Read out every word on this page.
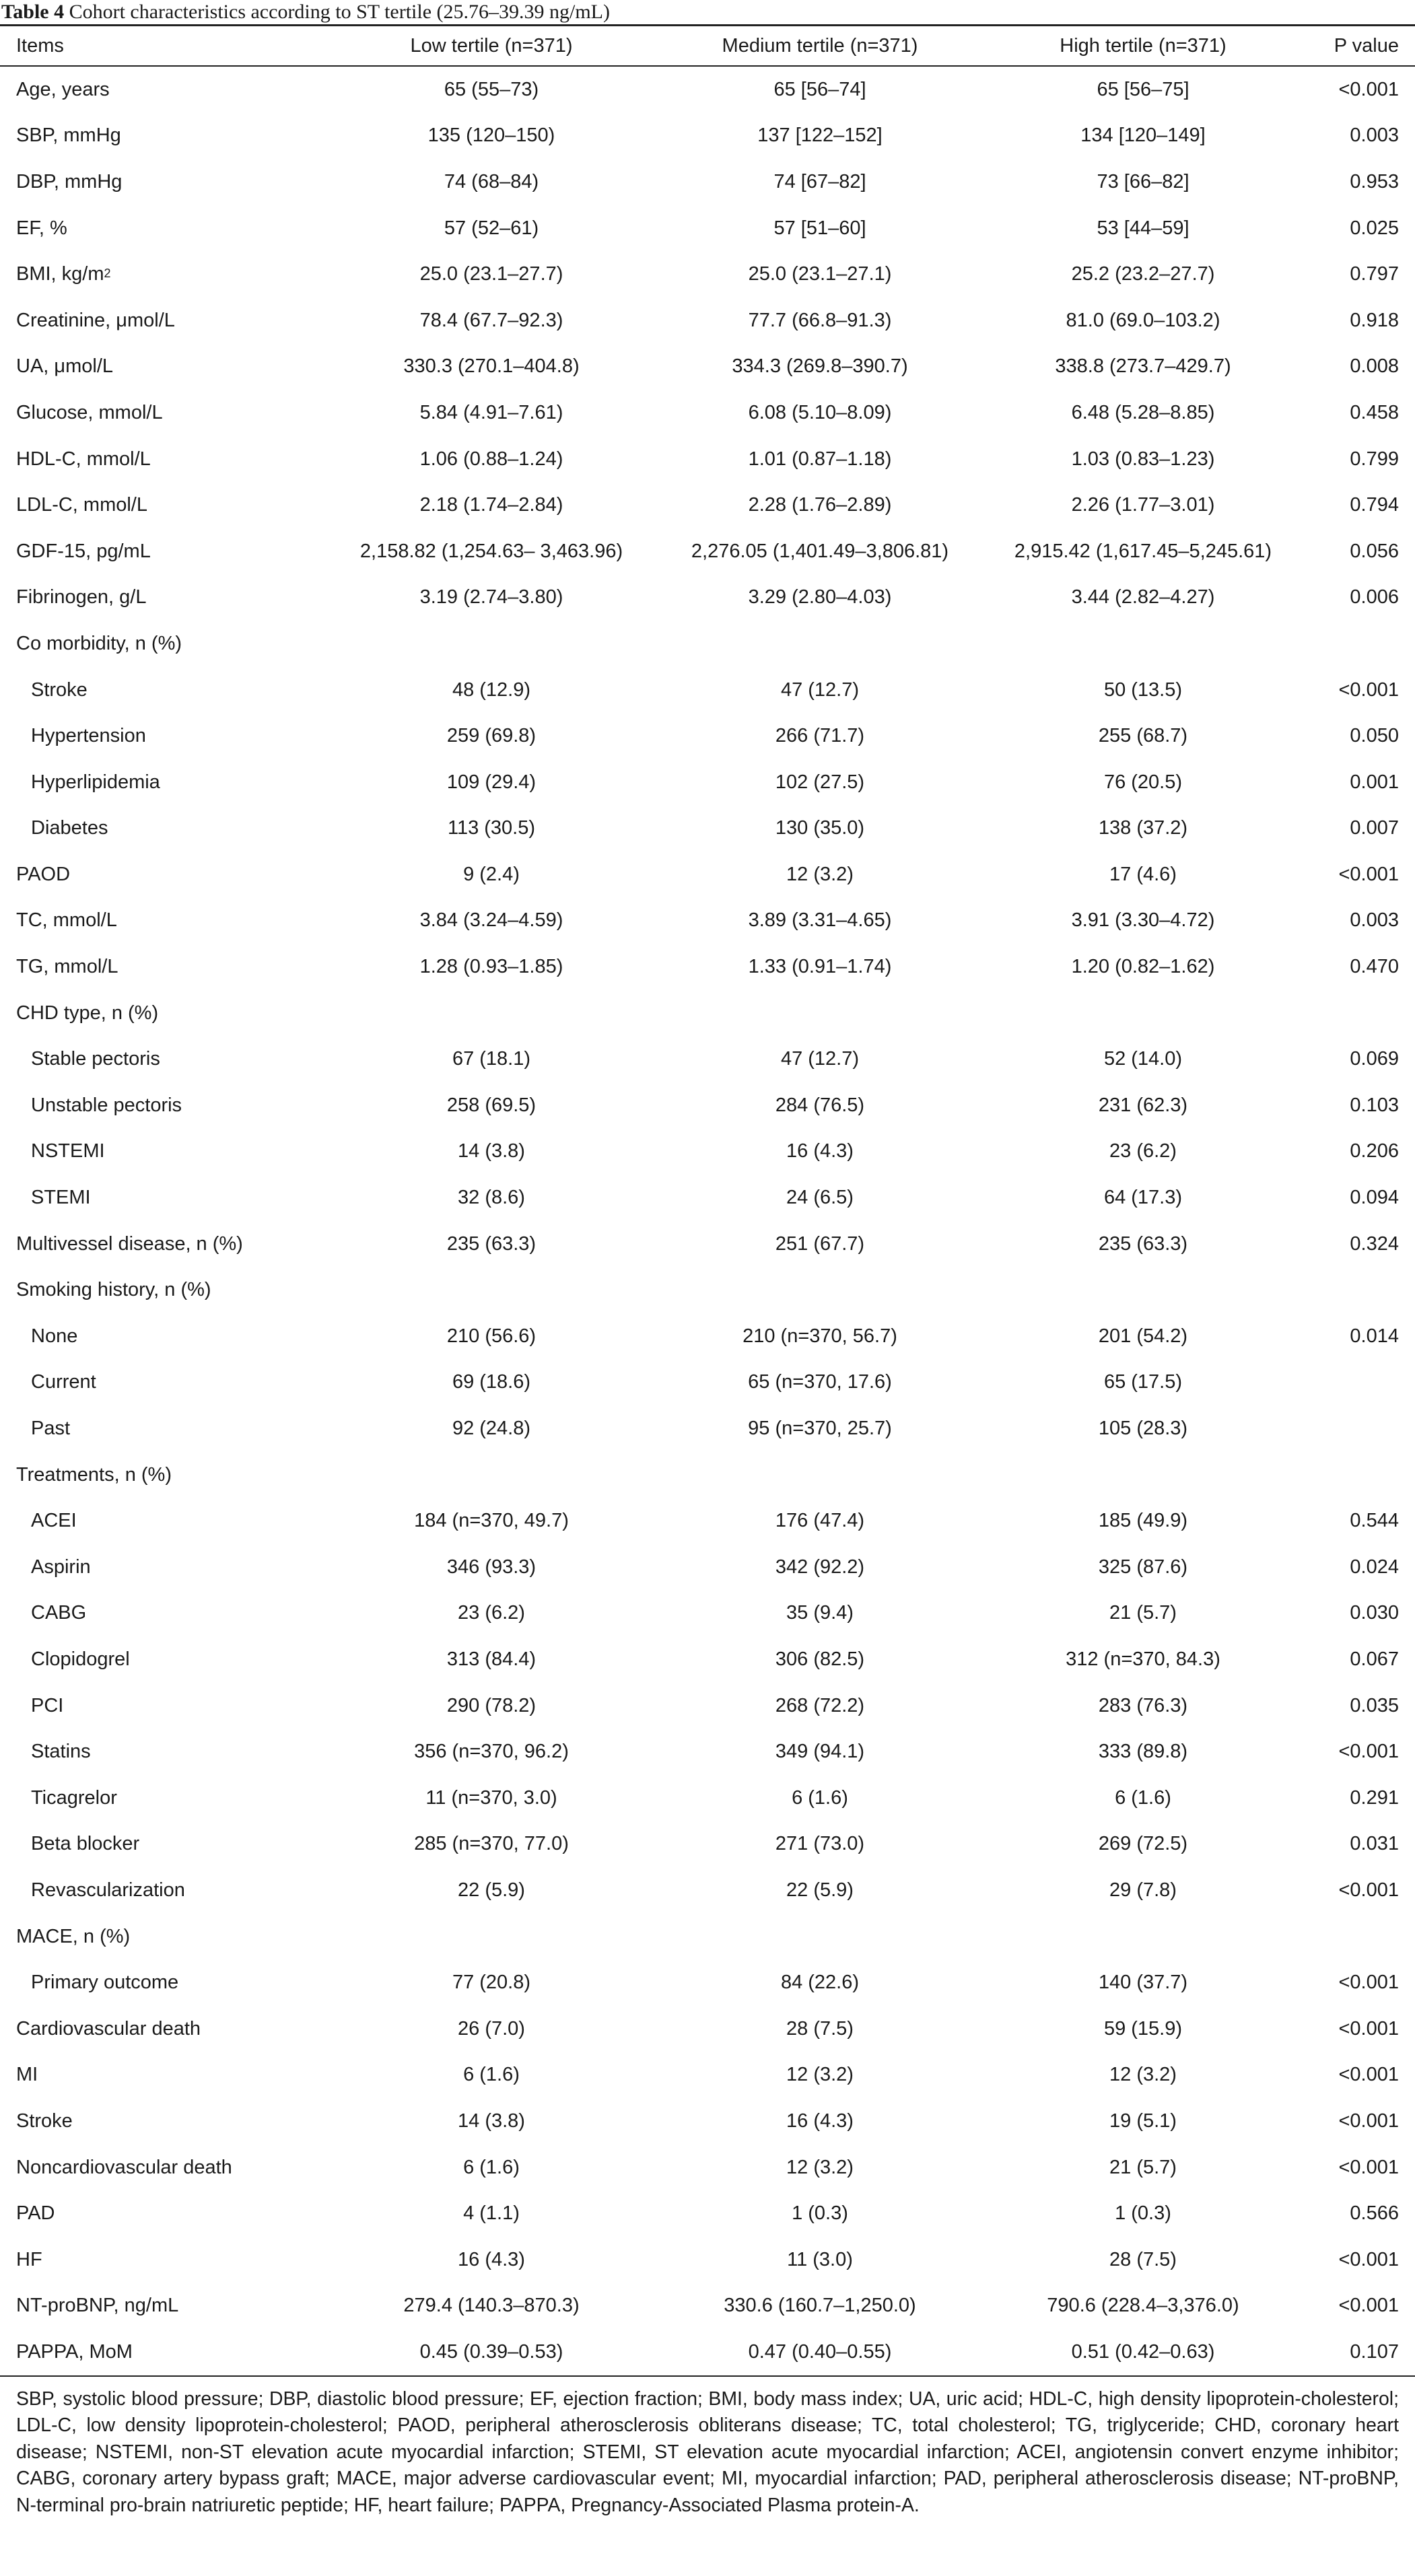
Table 4 Cohort characteristics according to ST tertile (25.76–39.39 ng/mL)
Items	Low tertile (n=371)	Medium tertile (n=371)	High tertile (n=371)	P value
Age, years	65 (55–73)	65 [56–74]	65 [56–75]	<0.001
SBP, mmHg	135 (120–150)	137 [122–152]	134 [120–149]	0.003
DBP, mmHg	74 (68–84)	74 [67–82]	73 [66–82]	0.953
EF, %	57 (52–61)	57 [51–60]	53 [44–59]	0.025
BMI, $kg/m^2$	25.0 (23.1–27.7)	25.0 (23.1–27.1)	25.2 (23.2–27.7)	0.797
Creatinine, μmol/L	78.4 (67.7–92.3)	77.7 (66.8–91.3)	81.0 (69.0–103.2)	0.918
UA, μmol/L	330.3 (270.1–404.8)	334.3 (269.8–390.7)	338.8 (273.7–429.7)	0.008
Glucose, mmol/L	5.84 (4.91–7.61)	6.08 (5.10–8.09)	6.48 (5.28–8.85)	0.458
HDL-C, mmol/L	1.06 (0.88–1.24)	1.01 (0.87–1.18)	1.03 (0.83–1.23)	0.799
LDL-C, mmol/L	2.18 (1.74–2.84)	2.28 (1.76–2.89)	2.26 (1.77–3.01)	0.794
GDF-15, pg/mL	2,158.82 (1,254.63– 3,463.96)	2,276.05 (1,401.49–3,806.81)	2,915.42 (1,617.45–5,245.61)	0.056
Fibrinogen, g/L	3.19 (2.74–3.80)	3.29 (2.80–4.03)	3.44 (2.82–4.27)	0.006
Co morbidity, n (%)
Stroke	48 (12.9)	47 (12.7)	50 (13.5)	<0.001
Hypertension	259 (69.8)	266 (71.7)	255 (68.7)	0.050
Hyperlipidemia	109 (29.4)	102 (27.5)	76 (20.5)	0.001
Diabetes	113 (30.5)	130 (35.0)	138 (37.2)	0.007
PAOD	9 (2.4)	12 (3.2)	17 (4.6)	<0.001
TC, mmol/L	3.84 (3.24–4.59)	3.89 (3.31–4.65)	3.91 (3.30–4.72)	0.003
TG, mmol/L	1.28 (0.93–1.85)	1.33 (0.91–1.74)	1.20 (0.82–1.62)	0.470
CHD type, n (%)
Stable pectoris	67 (18.1)	47 (12.7)	52 (14.0)	0.069
Unstable pectoris	258 (69.5)	284 (76.5)	231 (62.3)	0.103
NSTEMI	14 (3.8)	16 (4.3)	23 (6.2)	0.206
STEMI	32 (8.6)	24 (6.5)	64 (17.3)	0.094
Multivessel disease, n (%)	235 (63.3)	251 (67.7)	235 (63.3)	0.324
Smoking history, n (%)
None	210 (56.6)	210 (n=370, 56.7)	201 (54.2)	0.014
Current	69 (18.6)	65 (n=370, 17.6)	65 (17.5)
Past	92 (24.8)	95 (n=370, 25.7)	105 (28.3)
Treatments, n (%)
ACEI	184 (n=370, 49.7)	176 (47.4)	185 (49.9)	0.544
Aspirin	346 (93.3)	342 (92.2)	325 (87.6)	0.024
CABG	23 (6.2)	35 (9.4)	21 (5.7)	0.030
Clopidogrel	313 (84.4)	306 (82.5)	312 (n=370, 84.3)	0.067
PCI	290 (78.2)	268 (72.2)	283 (76.3)	0.035
Statins	356 (n=370, 96.2)	349 (94.1)	333 (89.8)	<0.001
Ticagrelor	11 (n=370, 3.0)	6 (1.6)	6 (1.6)	0.291
Beta blocker	285 (n=370, 77.0)	271 (73.0)	269 (72.5)	0.031
Revascularization	22 (5.9)	22 (5.9)	29 (7.8)	<0.001
MACE, n (%)
Primary outcome	77 (20.8)	84 (22.6)	140 (37.7)	<0.001
Cardiovascular death	26 (7.0)	28 (7.5)	59 (15.9)	<0.001
MI	6 (1.6)	12 (3.2)	12 (3.2)	<0.001
Stroke	14 (3.8)	16 (4.3)	19 (5.1)	<0.001
Noncardiovascular death	6 (1.6)	12 (3.2)	21 (5.7)	<0.001
PAD	4 (1.1)	1 (0.3)	1 (0.3)	0.566
HF	16 (4.3)	11 (3.0)	28 (7.5)	<0.001
NT-proBNP, ng/mL	279.4 (140.3–870.3)	330.6 (160.7–1,250.0)	790.6 (228.4–3,376.0)	<0.001
PAPPA, MoM	0.45 (0.39–0.53)	0.47 (0.40–0.55)	0.51 (0.42–0.63)	0.107
SBP, systolic blood pressure; DBP, diastolic blood pressure; EF, ejection fraction; BMI, body mass index; UA, uric acid; HDL-C, high density lipoprotein-cholesterol; LDL-C, low density lipoprotein-cholesterol; PAOD, peripheral atherosclerosis obliterans disease; TC, total cholesterol; TG, triglyceride; CHD, coronary heart disease; NSTEMI, non-ST elevation acute myocardial infarction; STEMI, ST elevation acute myocardial infarction; ACEI, angiotensin convert enzyme inhibitor; CABG, coronary artery bypass graft; MACE, major adverse cardiovascular event; MI, myocardial infarction; PAD, peripheral atherosclerosis disease; NT-proBNP, N-terminal pro-brain natriuretic peptide; HF, heart failure; PAPPA, Pregnancy-Associated Plasma protein-A.
